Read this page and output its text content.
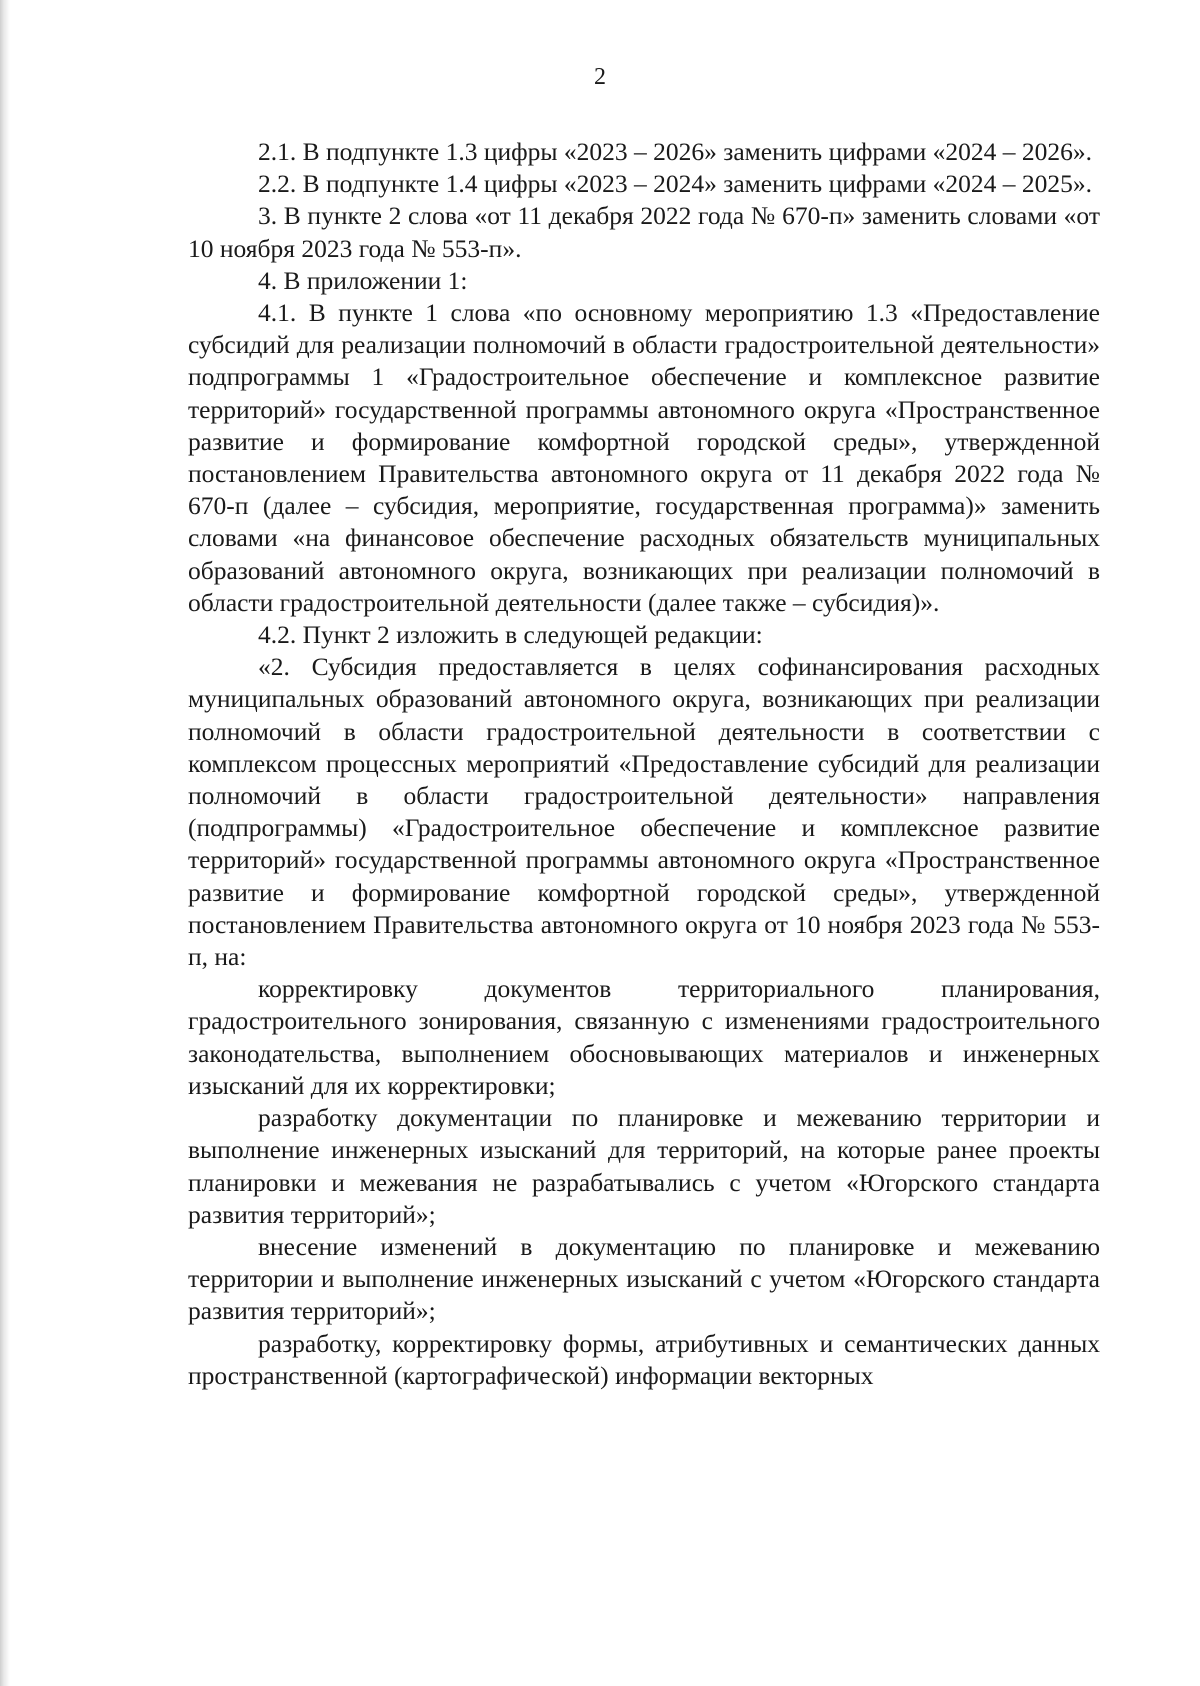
2

2.1. В подпункте 1.3 цифры «2023 – 2026» заменить цифрами «2024 – 2026».

2.2. В подпункте 1.4 цифры «2023 – 2024» заменить цифрами «2024 – 2025».

3. В пункте 2 слова «от 11 декабря 2022 года № 670-п» заменить словами «от 10 ноября 2023 года № 553-п».

4. В приложении 1:

4.1. В пункте 1 слова «по основному мероприятию 1.3 «Предоставление субсидий для реализации полномочий в области градостроительной деятельности» подпрограммы 1 «Градостроительное обеспечение и комплексное развитие территорий» государственной программы автономного округа «Пространственное развитие и формирование комфортной городской среды», утвержденной постановлением Правительства автономного округа от 11 декабря 2022 года № 670-п (далее – субсидия, мероприятие, государственная программа)» заменить словами «на финансовое обеспечение расходных обязательств муниципальных образований автономного округа, возникающих при реализации полномочий в области градостроительной деятельности (далее также – субсидия)».

4.2. Пункт 2 изложить в следующей редакции:

«2. Субсидия предоставляется в целях софинансирования расходных муниципальных образований автономного округа, возникающих при реализации полномочий в области градостроительной деятельности в соответствии с комплексом процессных мероприятий «Предоставление субсидий для реализации полномочий в области градостроительной деятельности» направления (подпрограммы) «Градостроительное обеспечение и комплексное развитие территорий» государственной программы автономного округа «Пространственное развитие и формирование комфортной городской среды», утвержденной постановлением Правительства автономного округа от 10 ноября 2023 года № 553-п, на:

корректировку документов территориального планирования, градостроительного зонирования, связанную с изменениями градостроительного законодательства, выполнением обосновывающих материалов и инженерных изысканий для их корректировки;

разработку документации по планировке и межеванию территории и выполнение инженерных изысканий для территорий, на которые ранее проекты планировки и межевания не разрабатывались с учетом «Югорского стандарта развития территорий»;

внесение изменений в документацию по планировке и межеванию территории и выполнение инженерных изысканий с учетом «Югорского стандарта развития территорий»;

разработку, корректировку формы, атрибутивных и семантических данных пространственной (картографической) информации векторных
